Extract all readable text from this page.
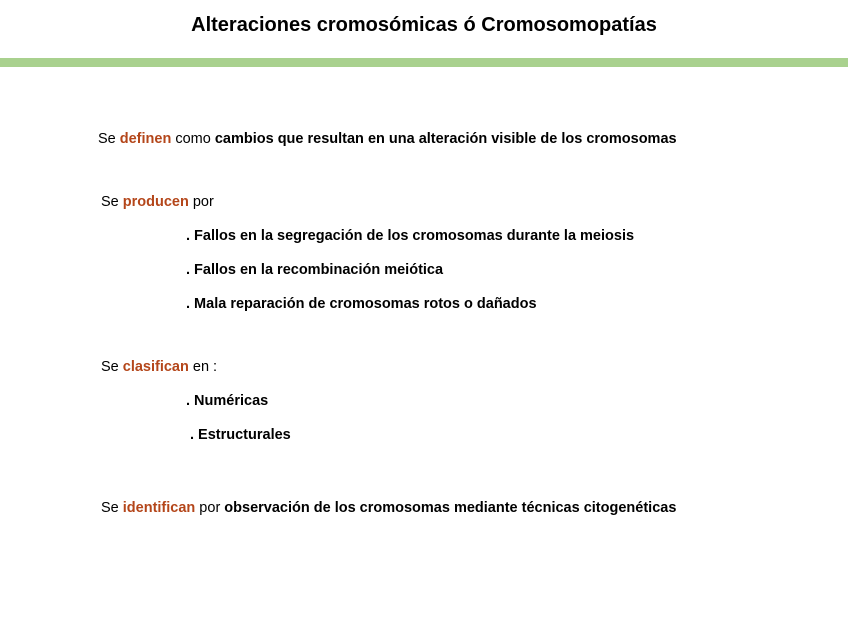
Alteraciones cromosómicas ó Cromosomopatías
Se definen como cambios que resultan en una alteración visible de los cromosomas
Se producen por
. Fallos en la segregación de los cromosomas durante la meiosis
. Fallos en la recombinación meiótica
. Mala reparación de cromosomas rotos o dañados
Se clasifican en :
. Numéricas
. Estructurales
Se identifican por observación de los cromosomas mediante técnicas citogenéticas
